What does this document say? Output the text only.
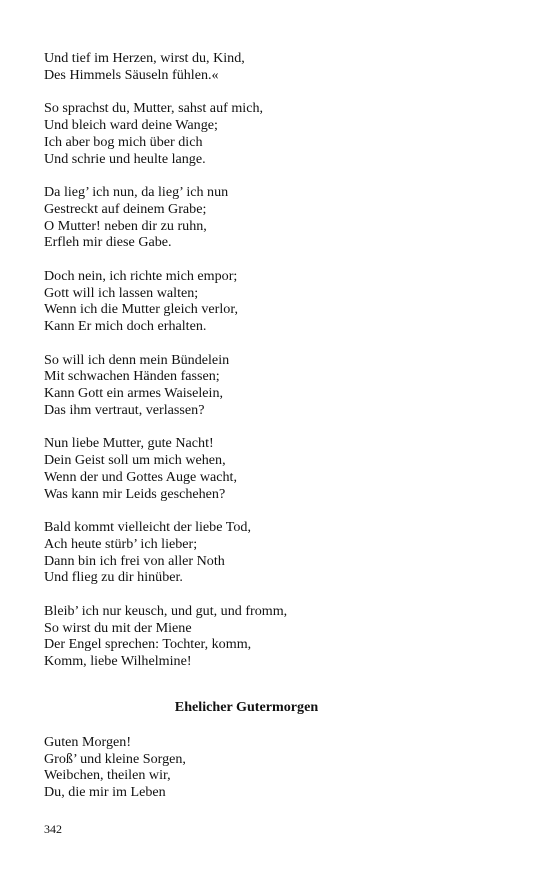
Und tief im Herzen, wirst du, Kind,
Des Himmels Säuseln fühlen.«
So sprachst du, Mutter, sahst auf mich,
Und bleich ward deine Wange;
Ich aber bog mich über dich
Und schrie und heulte lange.
Da lieg’ ich nun, da lieg’ ich nun
Gestreckt auf deinem Grabe;
O Mutter! neben dir zu ruhn,
Erfleh mir diese Gabe.
Doch nein, ich richte mich empor;
Gott will ich lassen walten;
Wenn ich die Mutter gleich verlor,
Kann Er mich doch erhalten.
So will ich denn mein Bündelein
Mit schwachen Händen fassen;
Kann Gott ein armes Waiselein,
Das ihm vertraut, verlassen?
Nun liebe Mutter, gute Nacht!
Dein Geist soll um mich wehen,
Wenn der und Gottes Auge wacht,
Was kann mir Leids geschehen?
Bald kommt vielleicht der liebe Tod,
Ach heute stürb’ ich lieber;
Dann bin ich frei von aller Noth
Und flieg zu dir hinüber.
Bleib’ ich nur keusch, und gut, und fromm,
So wirst du mit der Miene
Der Engel sprechen: Tochter, komm,
Komm, liebe Wilhelmine!
Ehelicher Gutermorgen
Guten Morgen!
Groß’ und kleine Sorgen,
Weibchen, theilen wir,
Du, die mir im Leben
342
